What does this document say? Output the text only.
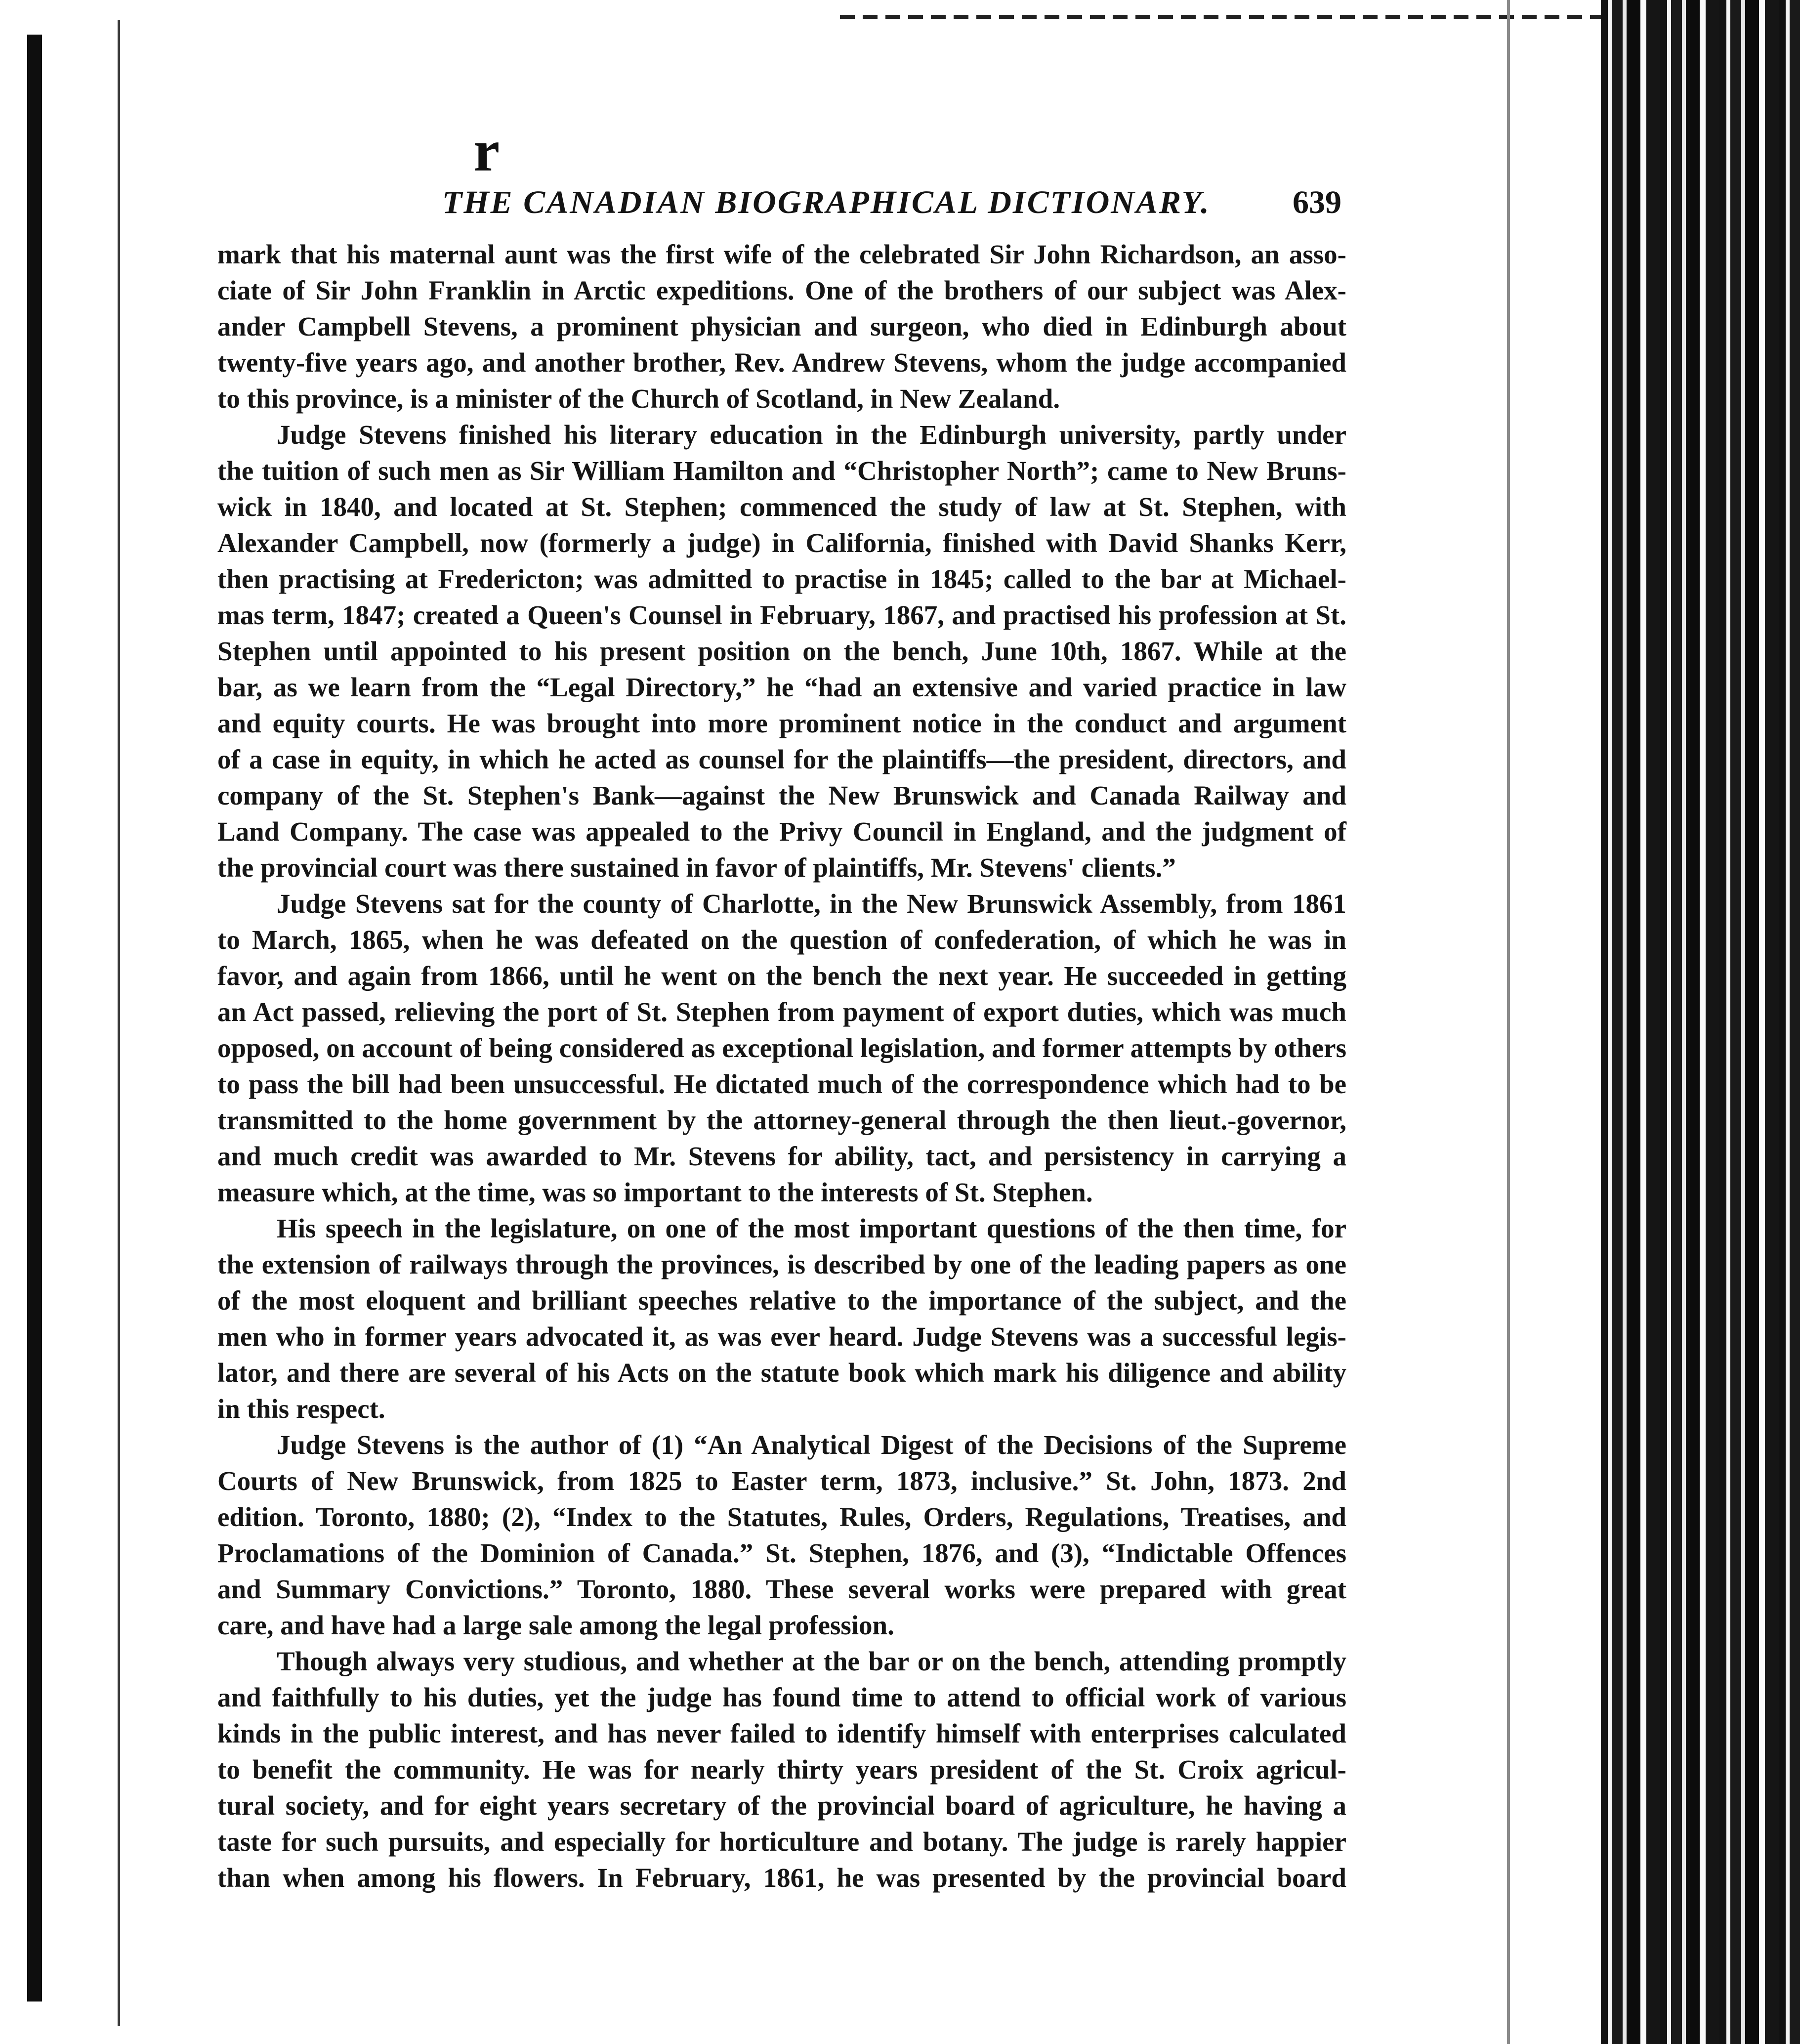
r
THE CANADIAN BIOGRAPHICAL DICTIONARY.	639
mark that his maternal aunt was the first wife of the celebrated Sir John Richardson, an asso-
ciate of Sir John Franklin in Arctic expeditions. One of the brothers of our subject was Alex-
ander Campbell Stevens, a prominent physician and surgeon, who died in Edinburgh about
twenty-five years ago, and another brother, Rev. Andrew Stevens, whom the judge accompanied
to this province, is a minister of the Church of Scotland, in New Zealand.
Judge Stevens finished his literary education in the Edinburgh university, partly under
the tuition of such men as Sir William Hamilton and “Christopher North”; came to New Bruns-
wick in 1840, and located at St. Stephen; commenced the study of law at St. Stephen, with
Alexander Campbell, now (formerly a judge) in California, finished with David Shanks Kerr,
then practising at Fredericton; was admitted to practise in 1845; called to the bar at Michael-
mas term, 1847; created a Queen's Counsel in February, 1867, and practised his profession at St.
Stephen until appointed to his present position on the bench, June 10th, 1867. While at the
bar, as we learn from the “Legal Directory,” he “had an extensive and varied practice in law
and equity courts. He was brought into more prominent notice in the conduct and argument
of a case in equity, in which he acted as counsel for the plaintiffs—the president, directors, and
company of the St. Stephen's Bank—against the New Brunswick and Canada Railway and
Land Company. The case was appealed to the Privy Council in England, and the judgment of
the provincial court was there sustained in favor of plaintiffs, Mr. Stevens' clients.”
Judge Stevens sat for the county of Charlotte, in the New Brunswick Assembly, from 1861
to March, 1865, when he was defeated on the question of confederation, of which he was in
favor, and again from 1866, until he went on the bench the next year. He succeeded in getting
an Act passed, relieving the port of St. Stephen from payment of export duties, which was much
opposed, on account of being considered as exceptional legislation, and former attempts by others
to pass the bill had been unsuccessful. He dictated much of the correspondence which had to be
transmitted to the home government by the attorney-general through the then lieut.-governor,
and much credit was awarded to Mr. Stevens for ability, tact, and persistency in carrying a
measure which, at the time, was so important to the interests of St. Stephen.
His speech in the legislature, on one of the most important questions of the then time, for
the extension of railways through the provinces, is described by one of the leading papers as one
of the most eloquent and brilliant speeches relative to the importance of the subject, and the
men who in former years advocated it, as was ever heard. Judge Stevens was a successful legis-
lator, and there are several of his Acts on the statute book which mark his diligence and ability
in this respect.
Judge Stevens is the author of (1) “An Analytical Digest of the Decisions of the Supreme
Courts of New Brunswick, from 1825 to Easter term, 1873, inclusive.” St. John, 1873. 2nd
edition. Toronto, 1880; (2), “Index to the Statutes, Rules, Orders, Regulations, Treatises, and
Proclamations of the Dominion of Canada.” St. Stephen, 1876, and (3), “Indictable Offences
and Summary Convictions.” Toronto, 1880. These several works were prepared with great
care, and have had a large sale among the legal profession.
Though always very studious, and whether at the bar or on the bench, attending promptly
and faithfully to his duties, yet the judge has found time to attend to official work of various
kinds in the public interest, and has never failed to identify himself with enterprises calculated
to benefit the community. He was for nearly thirty years president of the St. Croix agricul-
tural society, and for eight years secretary of the provincial board of agriculture, he having a
taste for such pursuits, and especially for horticulture and botany. The judge is rarely happier
than when among his flowers. In February, 1861, he was presented by the provincial board
